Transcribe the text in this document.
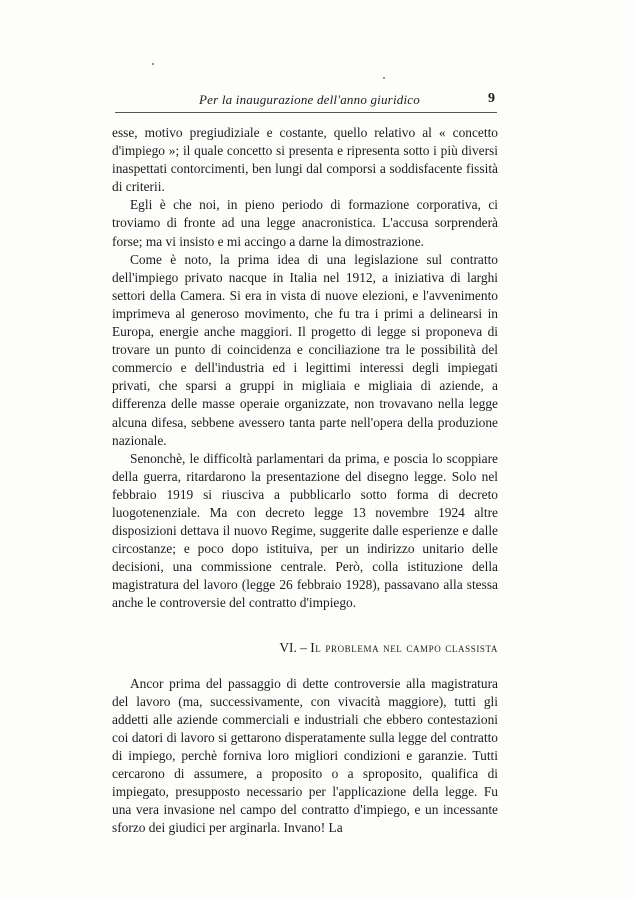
Per la inaugurazione dell'anno giuridico	9

esse, motivo pregiudiziale e costante, quello relativo al « concetto d'impiego »; il quale concetto si presenta e ripresenta sotto i più diversi inaspettati contorcimenti, ben lungi dal comporsi a soddisfacente fissità di criterii.

Egli è che noi, in pieno periodo di formazione corporativa, ci troviamo di fronte ad una legge anacronistica. L'accusa sorprenderà forse; ma vi insisto e mi accingo a darne la dimostrazione.

Come è noto, la prima idea di una legislazione sul contratto dell'impiego privato nacque in Italia nel 1912, a iniziativa di larghi settori della Camera. Si era in vista di nuove elezioni, e l'avvenimento imprimeva al generoso movimento, che fu tra i primi a delinearsi in Europa, energie anche maggiori. Il progetto di legge si proponeva di trovare un punto di coincidenza e conciliazione tra le possibilità del commercio e dell'industria ed i legittimi interessi degli impiegati privati, che sparsi a gruppi in migliaia e migliaia di aziende, a differenza delle masse operaie organizzate, non trovavano nella legge alcuna difesa, sebbene avessero tanta parte nell'opera della produzione nazionale.

Senonchè, le difficoltà parlamentari da prima, e poscia lo scoppiare della guerra, ritardarono la presentazione del disegno legge. Solo nel febbraio 1919 si riusciva a pubblicarlo sotto forma di decreto luogotenenziale. Ma con decreto legge 13 novembre 1924 altre disposizioni dettava il nuovo Regime, suggerite dalle esperienze e dalle circostanze; e poco dopo istituiva, per un indirizzo unitario delle decisioni, una commissione centrale. Però, colla istituzione della magistratura del lavoro (legge 26 febbraio 1928), passavano alla stessa anche le controversie del contratto d'impiego.

VI. – Il problema nel campo classista

Ancor prima del passaggio di dette controversie alla magistratura del lavoro (ma, successivamente, con vivacità maggiore), tutti gli addetti alle aziende commerciali e industriali che ebbero contestazioni coi datori di lavoro si gettarono disperatamente sulla legge del contratto di impiego, perchè forniva loro migliori condizioni e garanzie. Tutti cercarono di assumere, a proposito o a sproposito, qualifica di impiegato, presupposto necessario per l'applicazione della legge. Fu una vera invasione nel campo del contratto d'impiego, e un incessante sforzo dei giudici per arginarla. Invano! La
